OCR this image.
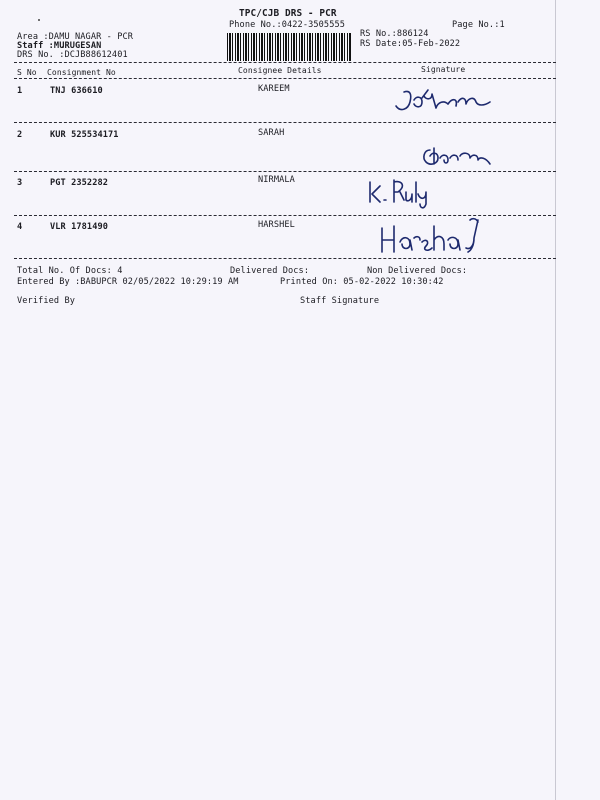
TPC/CJB DRS - PCR
Phone No.:0422-3505555	Page No.:1
Area :DAMU NAGAR - PCR
Staff :MURUGESAN
DRS No. :DCJB88612401
RS No.:886124
RS Date:05-Feb-2022
S No Consignment No	Consignee Details	Signature
1	TNJ 636610	KAREEM
2	KUR 525534171	SARAH
3	PGT 2352282	NIRMALA
4	VLR 1781490	HARSHEL
Total No. Of Docs: 4	Delivered Docs:	Non Delivered Docs:
Entered By :BABUPCR 02/05/2022 10:29:19 AM	Printed On: 05-02-2022 10:30:42
Verified By	Staff Signature
